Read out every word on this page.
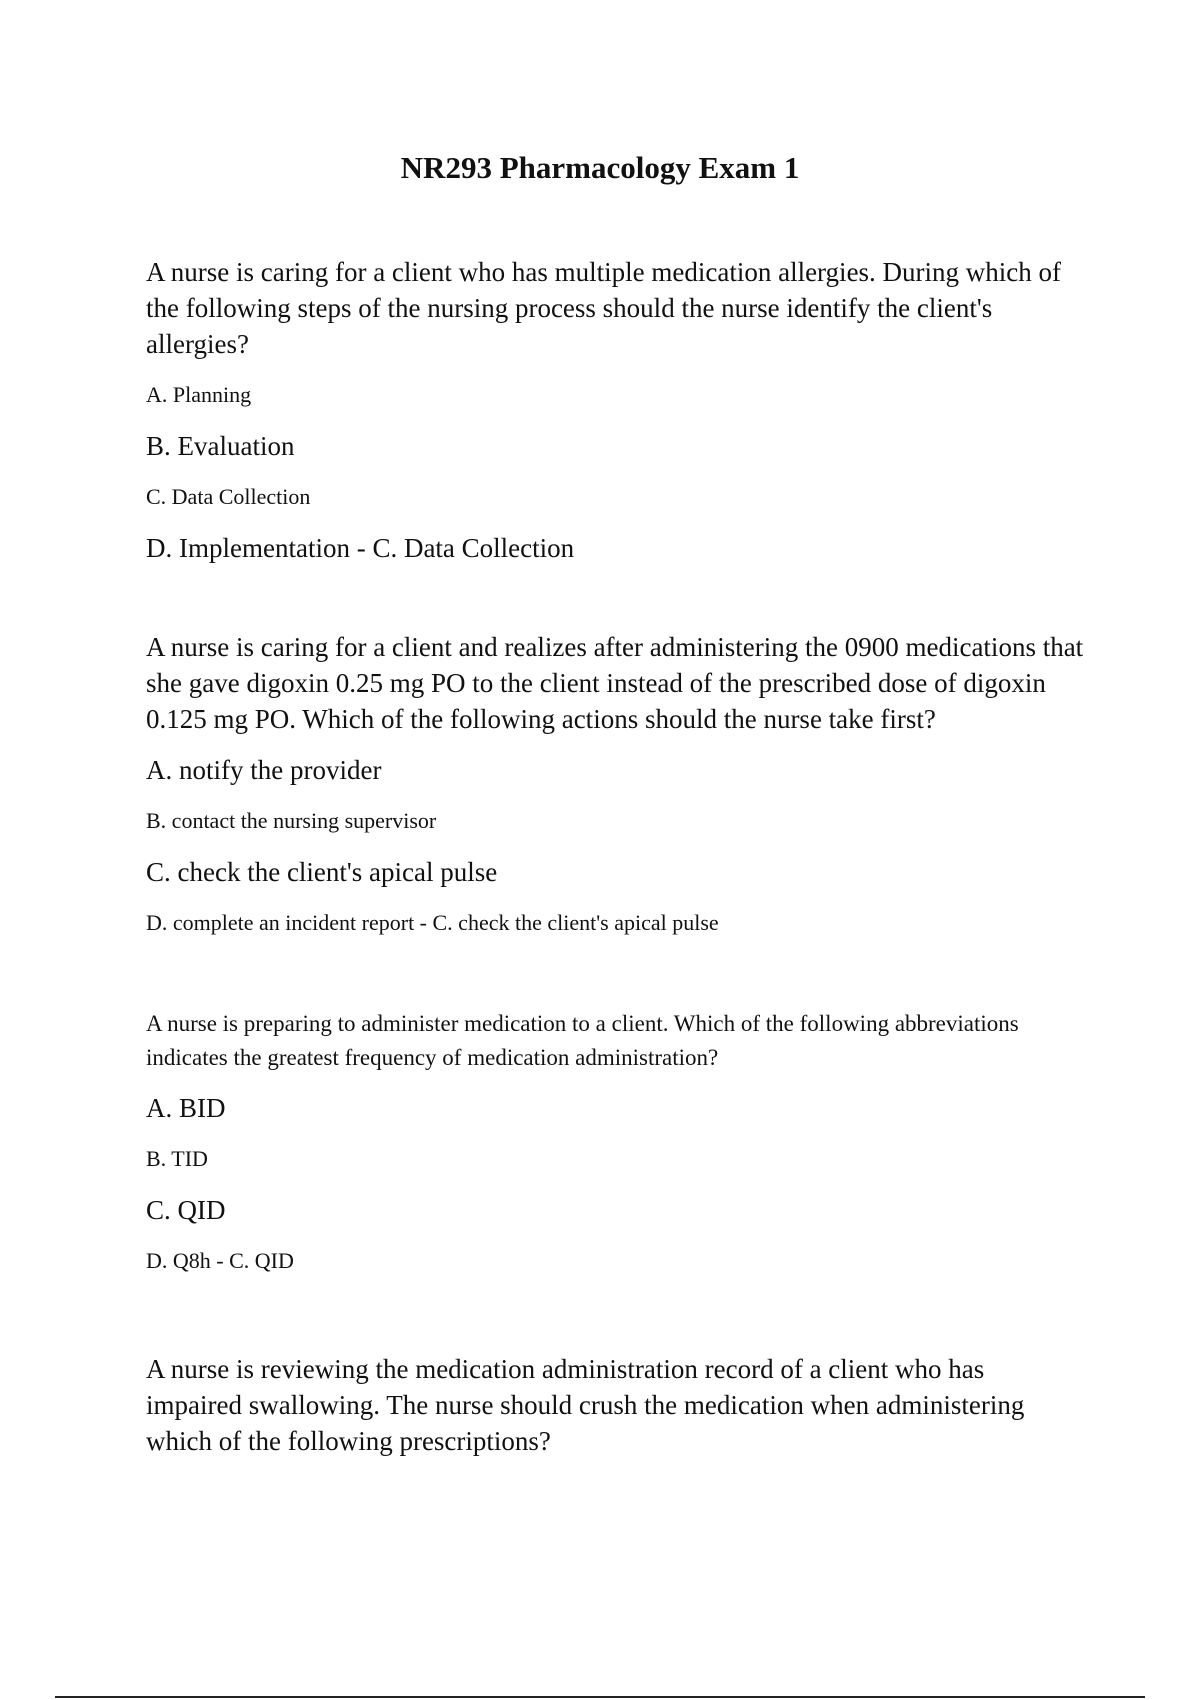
NR293 Pharmacology Exam 1

A nurse is caring for a client who has multiple medication allergies. During which of the following steps of the nursing process should the nurse identify the client's allergies?

A. Planning
B. Evaluation
C. Data Collection
D. Implementation - C. Data Collection

A nurse is caring for a client and realizes after administering the 0900 medications that she gave digoxin 0.25 mg PO to the client instead of the prescribed dose of digoxin 0.125 mg PO. Which of the following actions should the nurse take first?

A. notify the provider
B. contact the nursing supervisor
C. check the client's apical pulse
D. complete an incident report - C. check the client's apical pulse

A nurse is preparing to administer medication to a client. Which of the following abbreviations indicates the greatest frequency of medication administration?

A. BID
B. TID
C. QID
D. Q8h - C. QID

A nurse is reviewing the medication administration record of a client who has impaired swallowing. The nurse should crush the medication when administering which of the following prescriptions?
